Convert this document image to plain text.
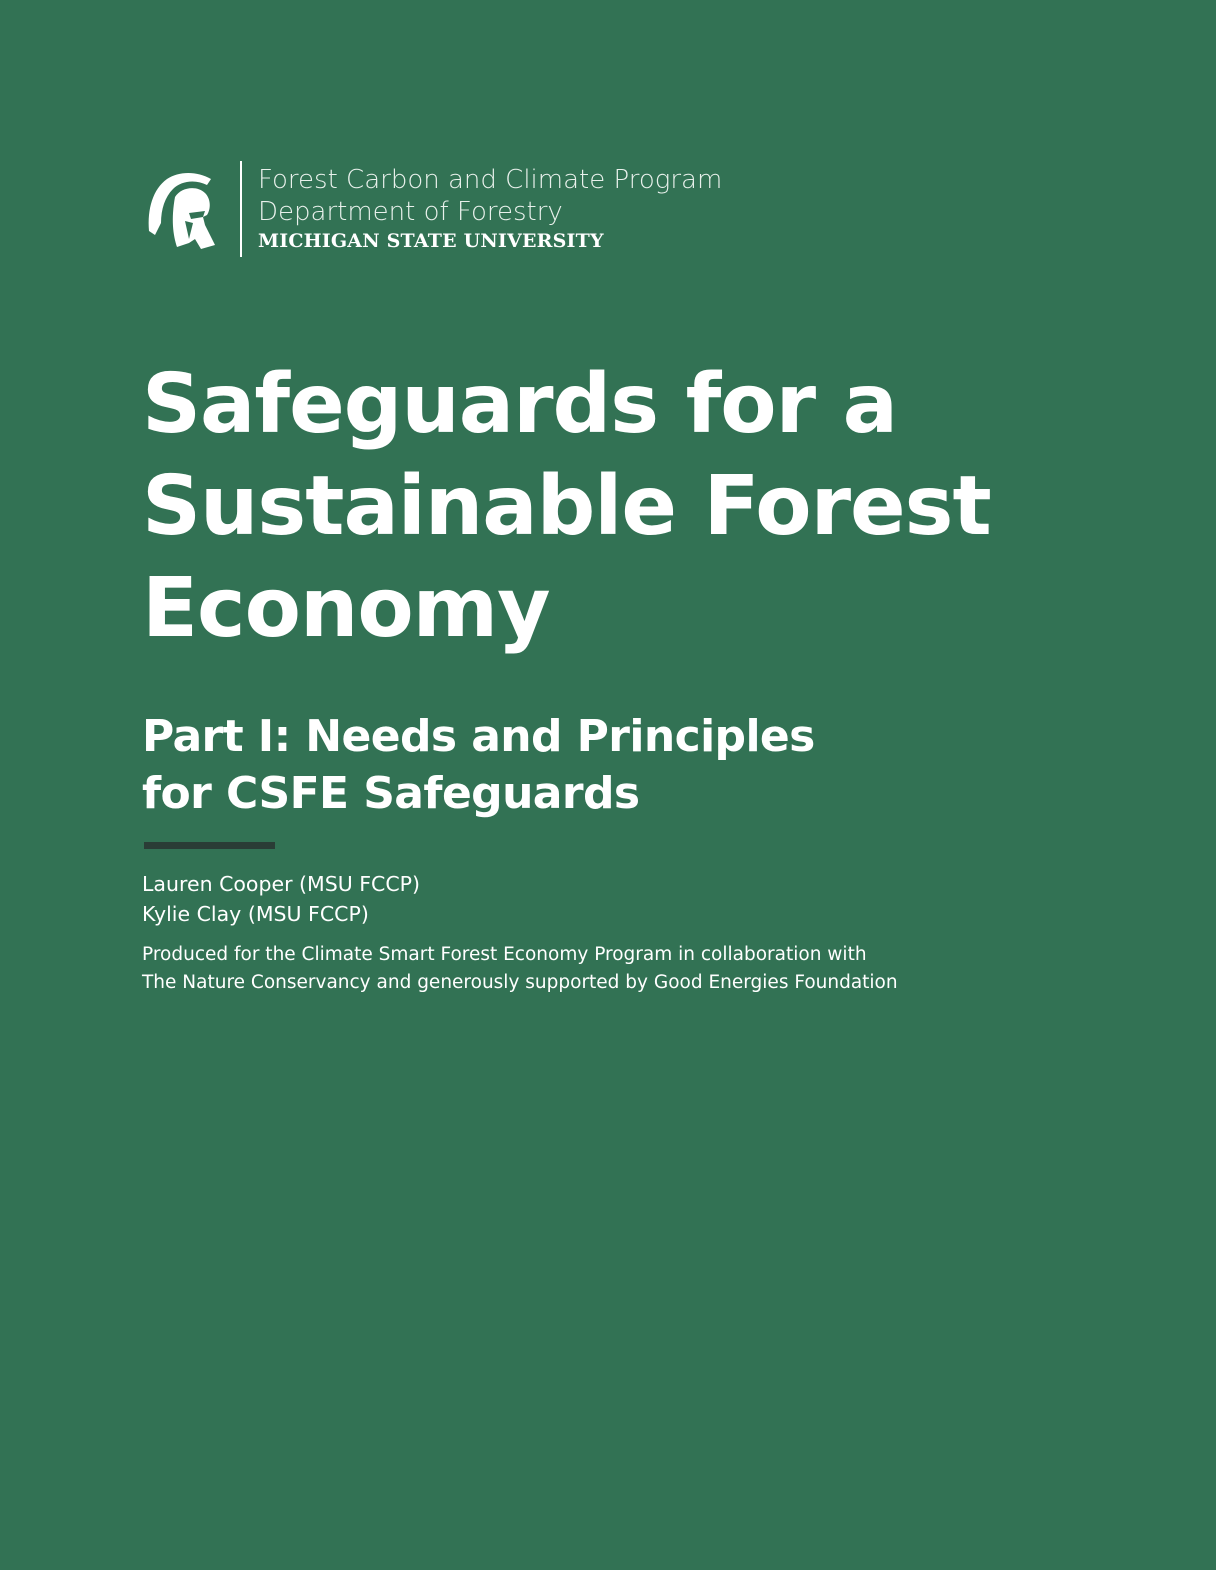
Forest Carbon and Climate Program
Department of Forestry
MICHIGAN STATE UNIVERSITY
Safeguards for a
Sustainable Forest
Economy
Part I: Needs and Principles
for CSFE Safeguards
Lauren Cooper (MSU FCCP)
Kylie Clay (MSU FCCP)
Produced for the Climate Smart Forest Economy Program in collaboration with
The Nature Conservancy and generously supported by Good Energies Foundation
